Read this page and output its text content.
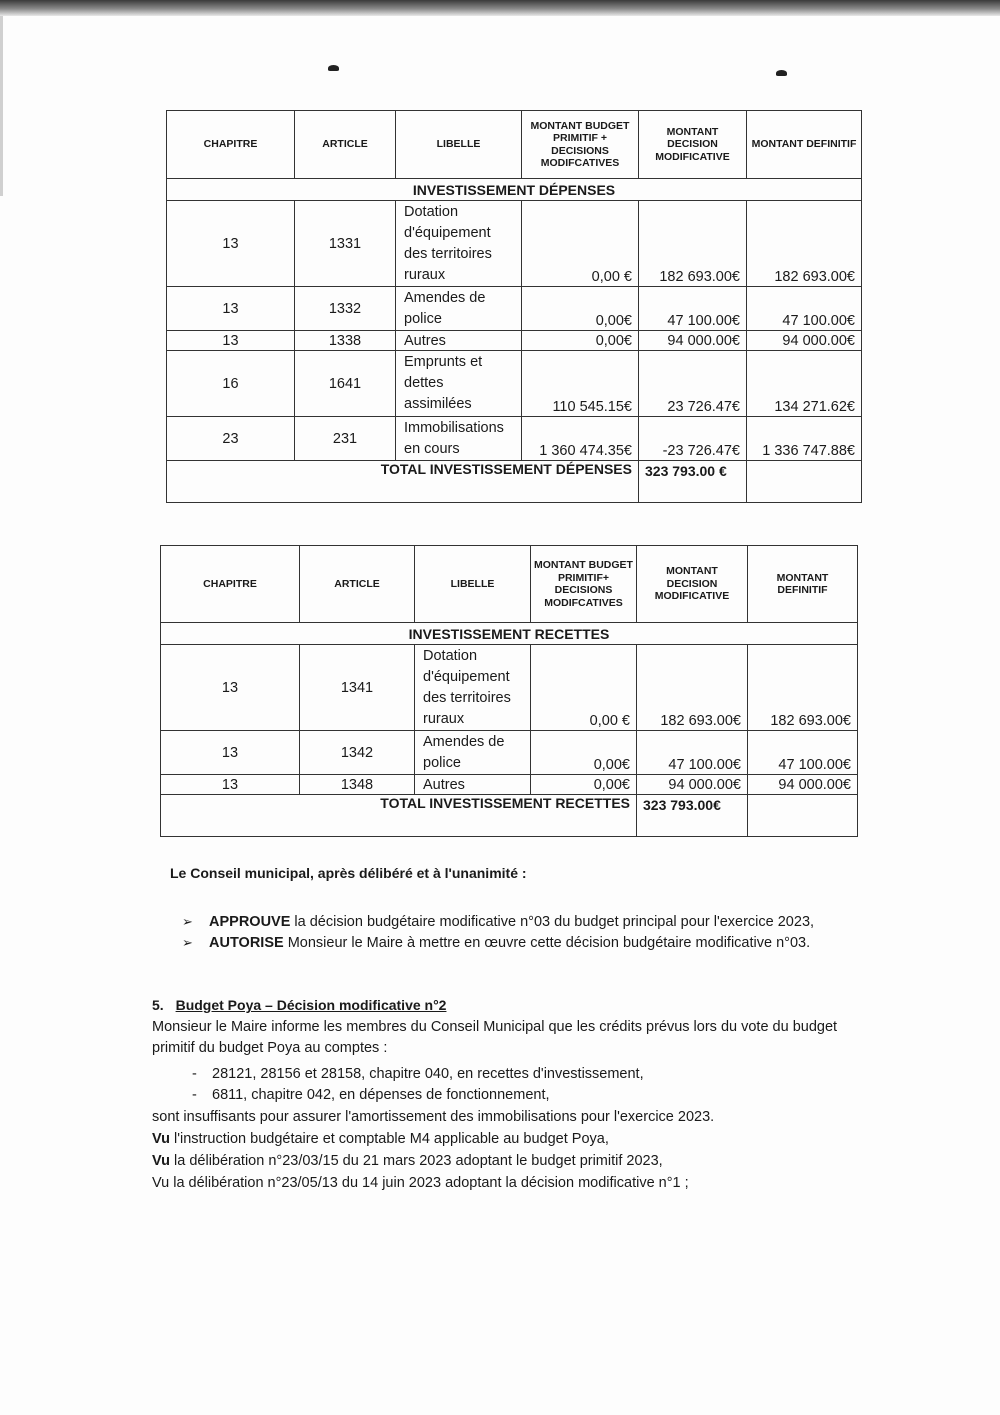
CHAPITRE	ARTICLE	LIBELLE	MONTANT BUDGET PRIMITIF + DECISIONS MODIFCATIVES	MONTANT DECISION MODIFICATIVE	MONTANT DEFINITIF
INVESTISSEMENT DÉPENSES					
13	1331	Dotation d'équipement des territoires ruraux	0,00 €	182 693.00€	182 693.00€
13	1332	Amendes de police	0,00€	47 100.00€	47 100.00€
13	1338	Autres	0,00€	94 000.00€	94 000.00€
16	1641	Emprunts et dettes assimilées	110 545.15€	23 726.47€	134 271.62€
23	231	Immobilisations en cours	1 360 474.35€	-23 726.47€	1 336 747.88€
TOTAL INVESTISSEMENT DÉPENSES				323 793.00 €	
CHAPITRE	ARTICLE	LIBELLE	MONTANT BUDGET PRIMITIF+ DECISIONS MODIFCATIVES	MONTANT DECISION MODIFICATIVE	MONTANT DEFINITIF
INVESTISSEMENT RECETTES					
13	1341	Dotation d'équipement des territoires ruraux	0,00 €	182 693.00€	182 693.00€
13	1342	Amendes de police	0,00€	47 100.00€	47 100.00€
13	1348	Autres	0,00€	94 000.00€	94 000.00€
TOTAL INVESTISSEMENT RECETTES				323 793.00€	
Le Conseil municipal, après délibéré et à l'unanimité :
➢ APPROUVE la décision budgétaire modificative n°03 du budget principal pour l'exercice 2023,
➢ AUTORISE Monsieur le Maire à mettre en œuvre cette décision budgétaire modificative n°03.
5. Budget Poya – Décision modificative n°2
Monsieur le Maire informe les membres du Conseil Municipal que les crédits prévus lors du vote du budget primitif du budget Poya au comptes :
- 28121, 28156 et 28158, chapitre 040, en recettes d'investissement,
- 6811, chapitre 042, en dépenses de fonctionnement,
sont insuffisants pour assurer l'amortissement des immobilisations pour l'exercice 2023.
Vu l'instruction budgétaire et comptable M4 applicable au budget Poya,
Vu la délibération n°23/03/15 du 21 mars 2023 adoptant le budget primitif 2023,
Vu la délibération n°23/05/13 du 14 juin 2023 adoptant la décision modificative n°1 ;
